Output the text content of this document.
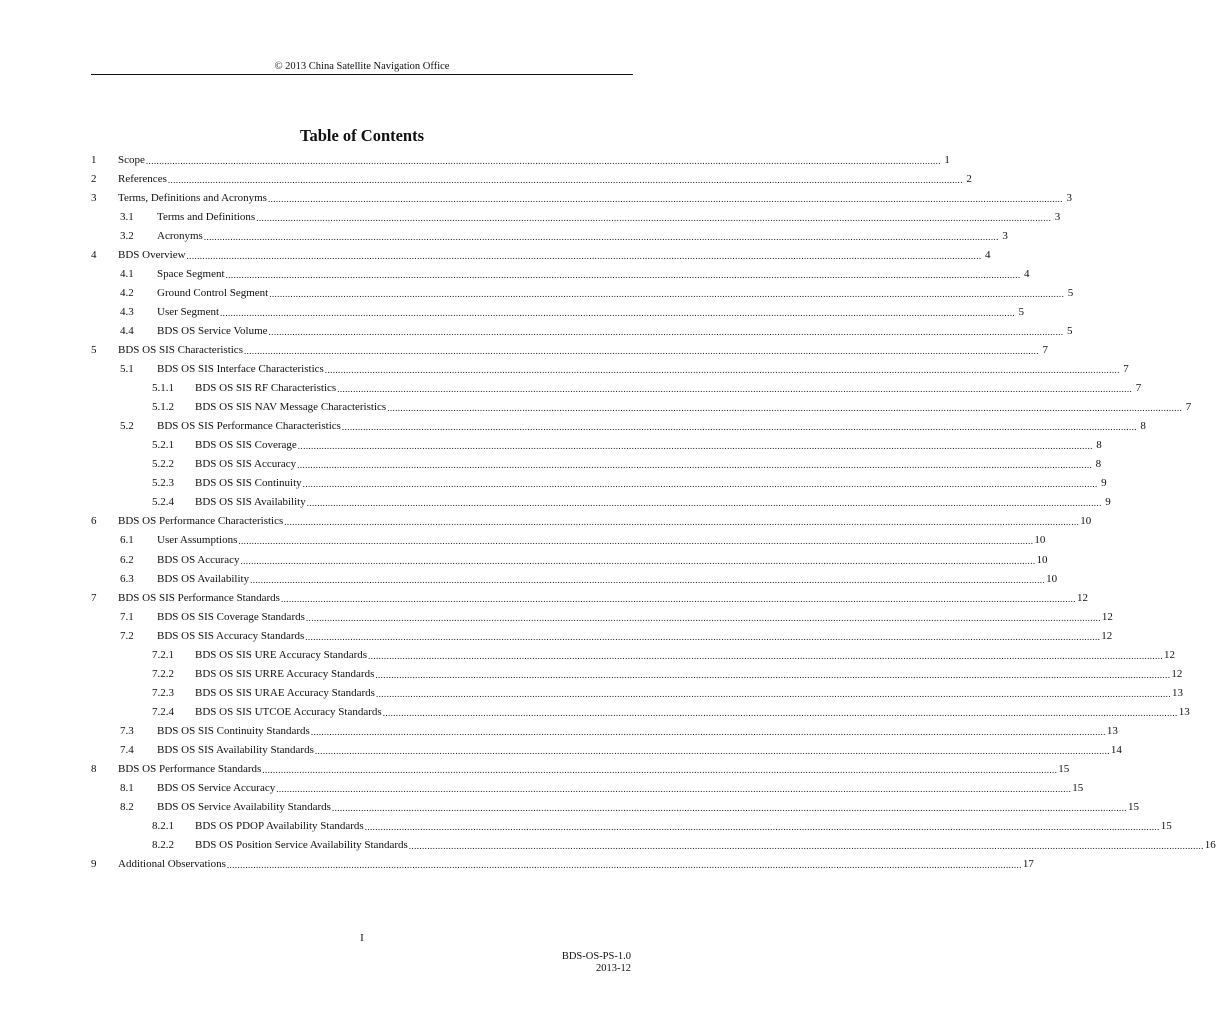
© 2013 China Satellite Navigation Office
Table of Contents
1	Scope ............................................................................................................................................................................................................................................................................................................ 1
2	References ............................................................................................................................................................................................................................................................................................................ 2
3	Terms, Definitions and Acronyms ............................................................................................................................................................................................................................................................................................................ 3
3.1	Terms and Definitions ............................................................................................................................................................................................................................................................................................................ 3
3.2	Acronyms ............................................................................................................................................................................................................................................................................................................ 3
4	BDS Overview ............................................................................................................................................................................................................................................................................................................ 4
4.1	Space Segment ............................................................................................................................................................................................................................................................................................................ 4
4.2	Ground Control Segment ............................................................................................................................................................................................................................................................................................................ 5
4.3	User Segment ............................................................................................................................................................................................................................................................................................................ 5
4.4	BDS OS Service Volume ............................................................................................................................................................................................................................................................................................................ 5
5	BDS OS SIS Characteristics ............................................................................................................................................................................................................................................................................................................ 7
5.1	BDS OS SIS Interface Characteristics ............................................................................................................................................................................................................................................................................................................ 7
5.1.1	BDS OS SIS RF Characteristics ............................................................................................................................................................................................................................................................................................................ 7
5.1.2	BDS OS SIS NAV Message Characteristics ............................................................................................................................................................................................................................................................................................................ 7
5.2	BDS OS SIS Performance Characteristics ............................................................................................................................................................................................................................................................................................................ 8
5.2.1	BDS OS SIS Coverage ............................................................................................................................................................................................................................................................................................................ 8
5.2.2	BDS OS SIS Accuracy ............................................................................................................................................................................................................................................................................................................ 8
5.2.3	BDS OS SIS Continuity ............................................................................................................................................................................................................................................................................................................ 9
5.2.4	BDS OS SIS Availability ............................................................................................................................................................................................................................................................................................................ 9
6	BDS OS Performance Characteristics ............................................................................................................................................................................................................................................................................................................ 10
6.1	User Assumptions ............................................................................................................................................................................................................................................................................................................ 10
6.2	BDS OS Accuracy ............................................................................................................................................................................................................................................................................................................ 10
6.3	BDS OS Availability ............................................................................................................................................................................................................................................................................................................ 10
7	BDS OS SIS Performance Standards ............................................................................................................................................................................................................................................................................................................ 12
7.1	BDS OS SIS Coverage Standards ............................................................................................................................................................................................................................................................................................................ 12
7.2	BDS OS SIS Accuracy Standards ............................................................................................................................................................................................................................................................................................................ 12
7.2.1	BDS OS SIS URE Accuracy Standards ............................................................................................................................................................................................................................................................................................................ 12
7.2.2	BDS OS SIS URRE Accuracy Standards ............................................................................................................................................................................................................................................................................................................ 12
7.2.3	BDS OS SIS URAE Accuracy Standards ............................................................................................................................................................................................................................................................................................................ 13
7.2.4	BDS OS SIS UTCOE Accuracy Standards ............................................................................................................................................................................................................................................................................................................ 13
7.3	BDS OS SIS Continuity Standards ............................................................................................................................................................................................................................................................................................................ 13
7.4	BDS OS SIS Availability Standards ............................................................................................................................................................................................................................................................................................................ 14
8	BDS OS Performance Standards ............................................................................................................................................................................................................................................................................................................ 15
8.1	BDS OS Service Accuracy ............................................................................................................................................................................................................................................................................................................ 15
8.2	BDS OS Service Availability Standards ............................................................................................................................................................................................................................................................................................................ 15
8.2.1	BDS OS PDOP Availability Standards ............................................................................................................................................................................................................................................................................................................ 15
8.2.2	BDS OS Position Service Availability Standards ............................................................................................................................................................................................................................................................................................................ 16
9	Additional Observations ............................................................................................................................................................................................................................................................................................................ 17
I
BDS-OS-PS-1.0
2013-12
